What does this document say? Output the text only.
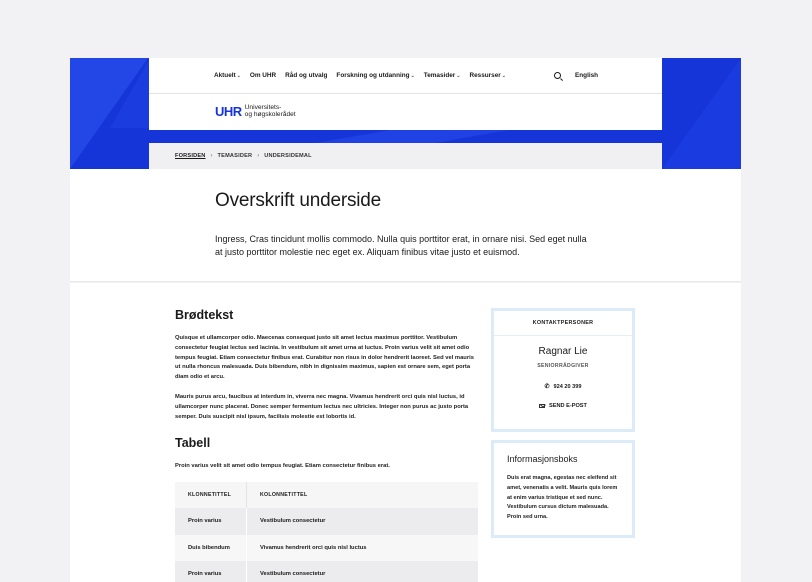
Aktuelt ⌄ Om UHR Råd og utvalg Forskning og utdanning ⌄ Temasider ⌄ Ressurser ⌄	English
UHR Universitets-
og høgskolerådet
FORSIDEN › TEMASIDER › UNDERSIDEMAL
Overskrift underside

Ingress, Cras tincidunt mollis commodo. Nulla quis porttitor erat, in ornare nisi. Sed eget nulla at justo porttitor molestie nec eget ex. Aliquam finibus vitae justo et euismod.

Brødtekst

Quisque et ullamcorper odio. Maecenas consequat justo sit amet lectus maximus porttitor. Vestibulum consectetur feugiat lectus sed lacinia. In vestibulum sit amet urna at luctus. Proin varius velit sit amet odio tempus feugiat. Etiam consectetur finibus erat. Curabitur non risus in dolor hendrerit laoreet. Sed vel mauris ut nulla rhoncus malesuada. Duis bibendum, nibh in dignissim maximus, sapien est ornare sem, eget porta diam odio et arcu.

Mauris purus arcu, faucibus at interdum in, viverra nec magna. Vivamus hendrerit orci quis nisl luctus, id ullamcorper nunc placerat. Donec semper fermentum lectus nec ultricies. Integer non purus ac justo porta semper. Duis suscipit nisl ipsum, facilisis molestie est lobortis id.

Tabell

Proin varius velit sit amet odio tempus feugiat. Etiam consectetur finibus erat.

KLONNETITTEL	KOLONNETITTEL
Proin varius	Vestibulum consectetur
Duis bibendum	Vivamus hendrerit orci quis nisl luctus
Proin varius	Vestibulum consectetur
KONTAKTPERSONER
Ragnar Lie
SENIORRÅDGIVER
✆ 924 20 399
SEND E-POST
Informasjonsboks
Duis erat magna, egestas nec eleifend sit amet, venenatis a velit. Mauris quis lorem at enim varius tristique et sed nunc. Vestibulum cursus dictum malesuada. Proin sed urna.
